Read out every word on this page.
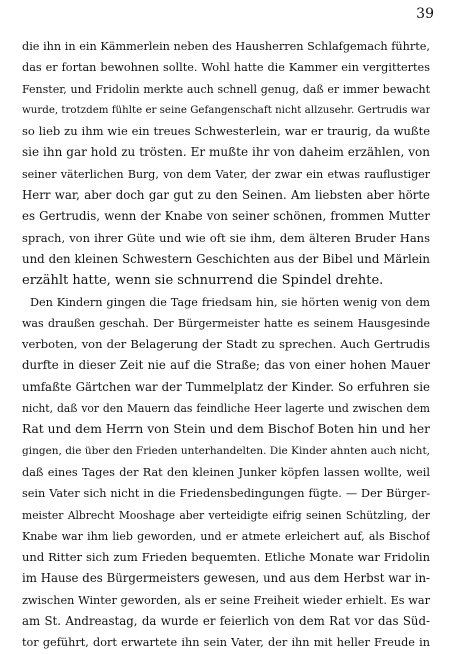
39
die ihn in ein Kämmerlein neben des Hausherren Schlafgemach führte,
das er fortan bewohnen sollte. Wohl hatte die Kammer ein vergittertes
Fenster, und Fridolin merkte auch schnell genug, daß er immer bewacht
wurde, trotzdem fühlte er seine Gefangenschaft nicht allzusehr. Gertrudis war
so lieb zu ihm wie ein treues Schwesterlein, war er traurig, da wußte
sie ihn gar hold zu trösten. Er mußte ihr von daheim erzählen, von
seiner väterlichen Burg, von dem Vater, der zwar ein etwas rauflustiger
Herr war, aber doch gar gut zu den Seinen. Am liebsten aber hörte
es Gertrudis, wenn der Knabe von seiner schönen, frommen Mutter
sprach, von ihrer Güte und wie oft sie ihm, dem älteren Bruder Hans
und den kleinen Schwestern Geschichten aus der Bibel und Märlein
erzählt hatte, wenn sie schnurrend die Spindel drehte.
Den Kindern gingen die Tage friedsam hin, sie hörten wenig von dem
was draußen geschah. Der Bürgermeister hatte es seinem Hausgesinde
verboten, von der Belagerung der Stadt zu sprechen. Auch Gertrudis
durfte in dieser Zeit nie auf die Straße; das von einer hohen Mauer
umfaßte Gärtchen war der Tummelplatz der Kinder. So erfuhren sie
nicht, daß vor den Mauern das feindliche Heer lagerte und zwischen dem
Rat und dem Herrn von Stein und dem Bischof Boten hin und her
gingen, die über den Frieden unterhandelten. Die Kinder ahnten auch nicht,
daß eines Tages der Rat den kleinen Junker köpfen lassen wollte, weil
sein Vater sich nicht in die Friedensbedingungen fügte. — Der Bürger-
meister Albrecht Mooshage aber verteidigte eifrig seinen Schützling, der
Knabe war ihm lieb geworden, und er atmete erleichert auf, als Bischof
und Ritter sich zum Frieden bequemten. Etliche Monate war Fridolin
im Hause des Bürgermeisters gewesen, und aus dem Herbst war in-
zwischen Winter geworden, als er seine Freiheit wieder erhielt. Es war
am St. Andreastag, da wurde er feierlich von dem Rat vor das Süd-
tor geführt, dort erwartete ihn sein Vater, der ihn mit heller Freude in
